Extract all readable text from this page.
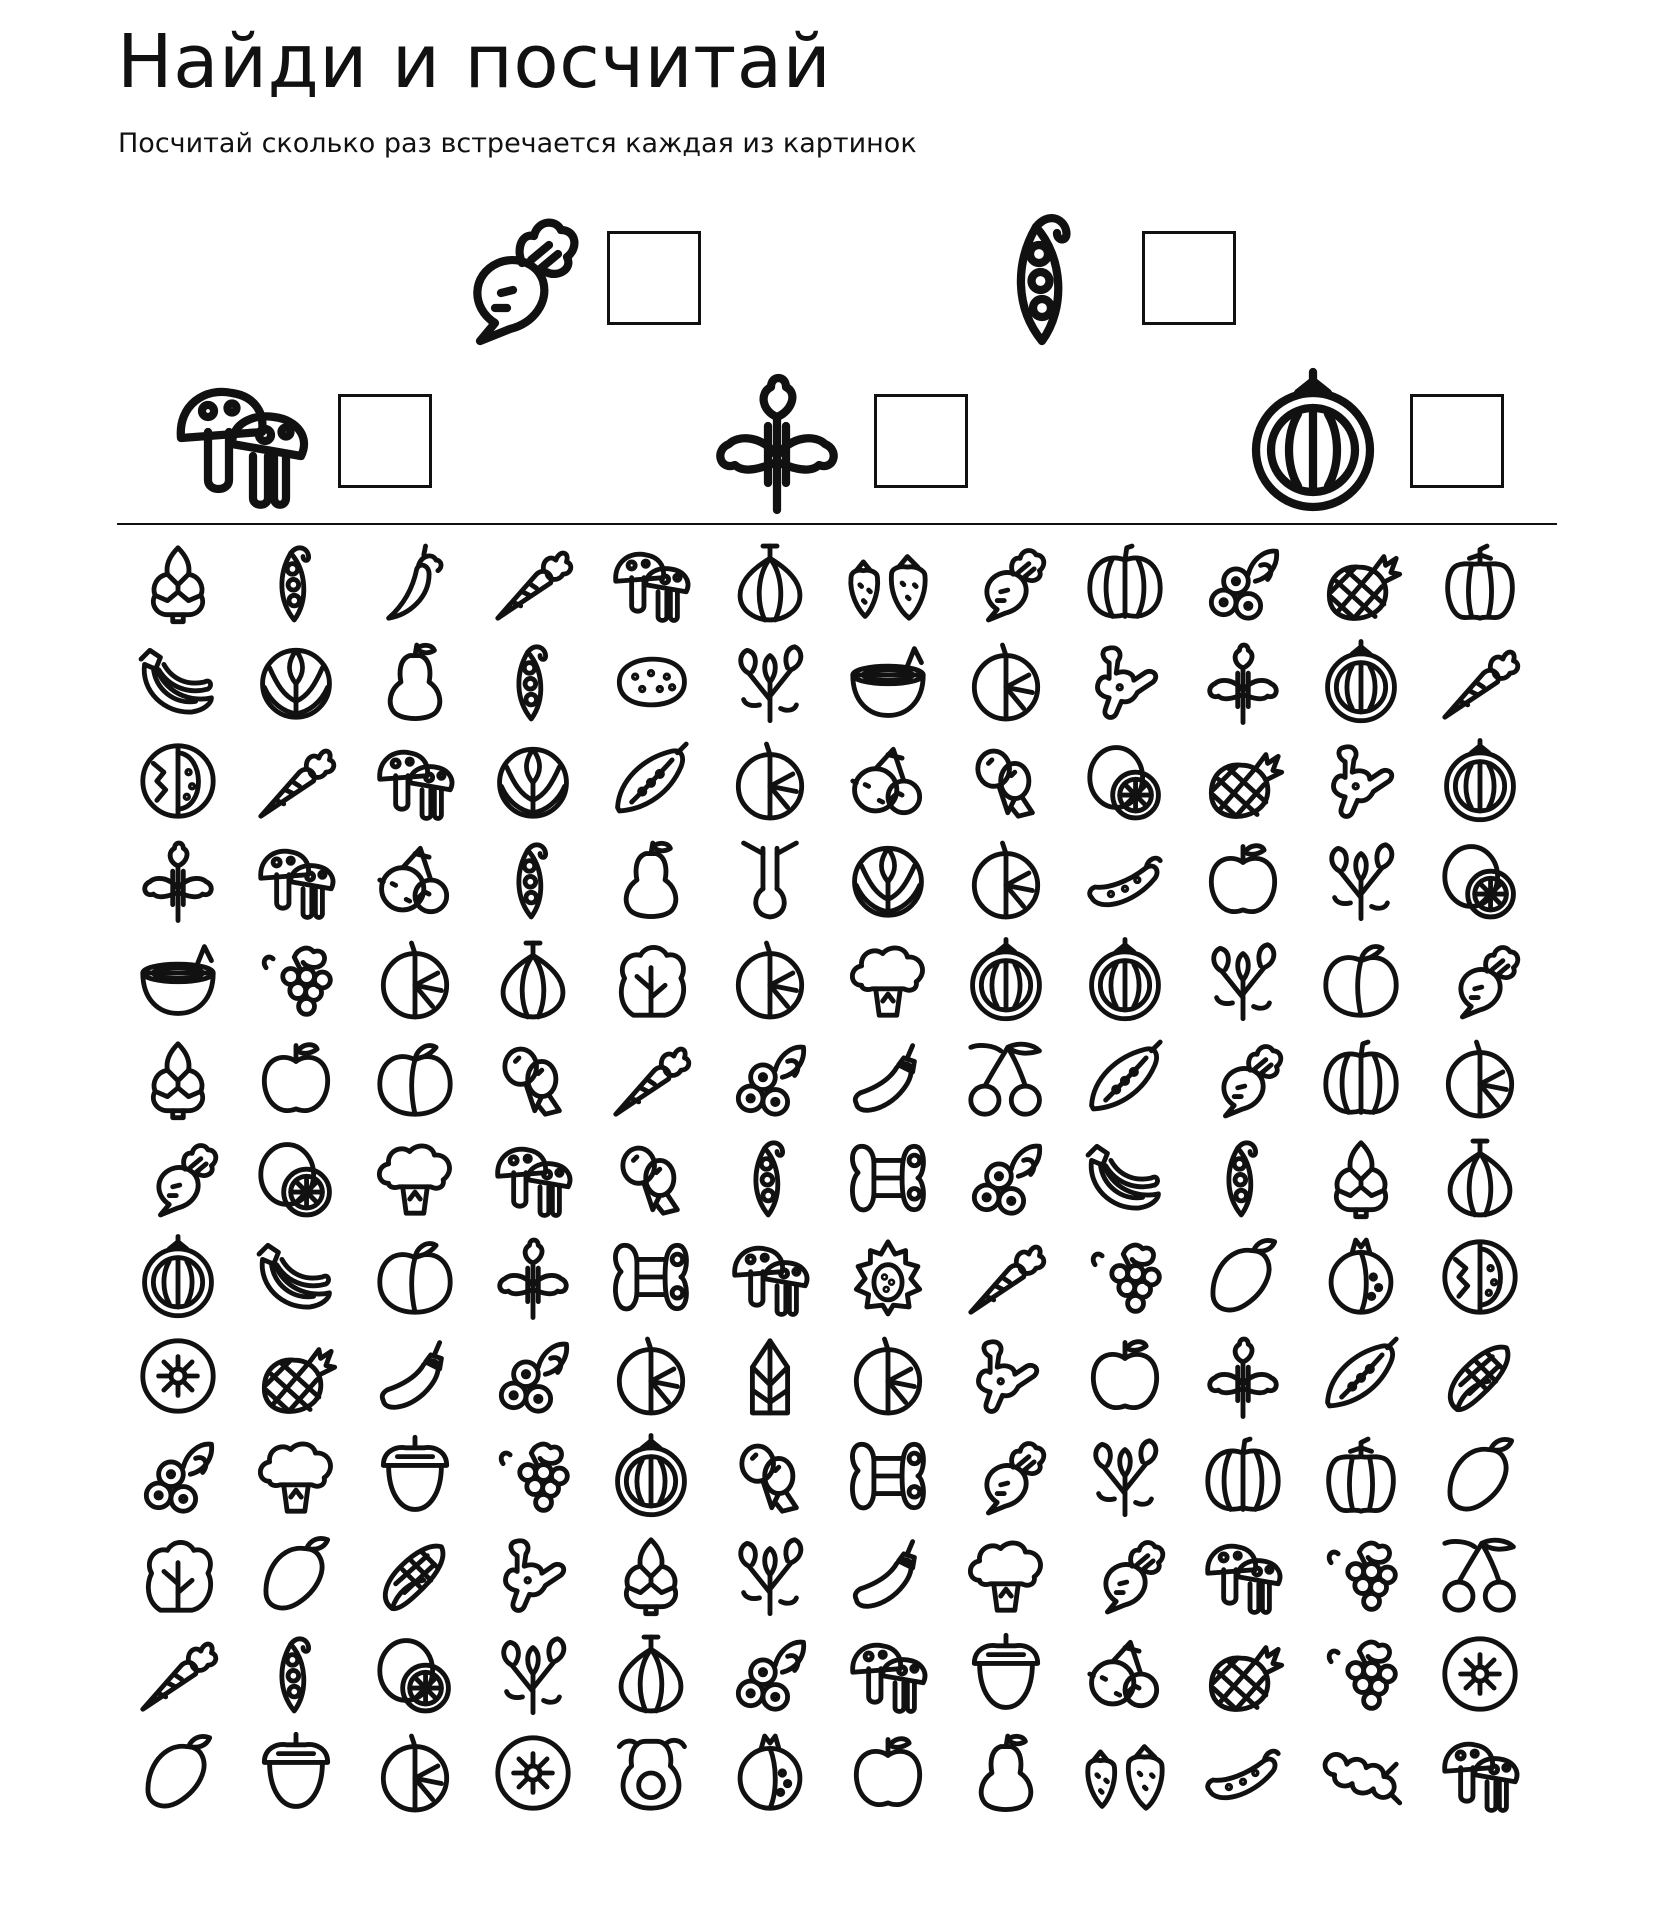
Найди и посчитай

Посчитай сколько раз встречается каждая из картинок
